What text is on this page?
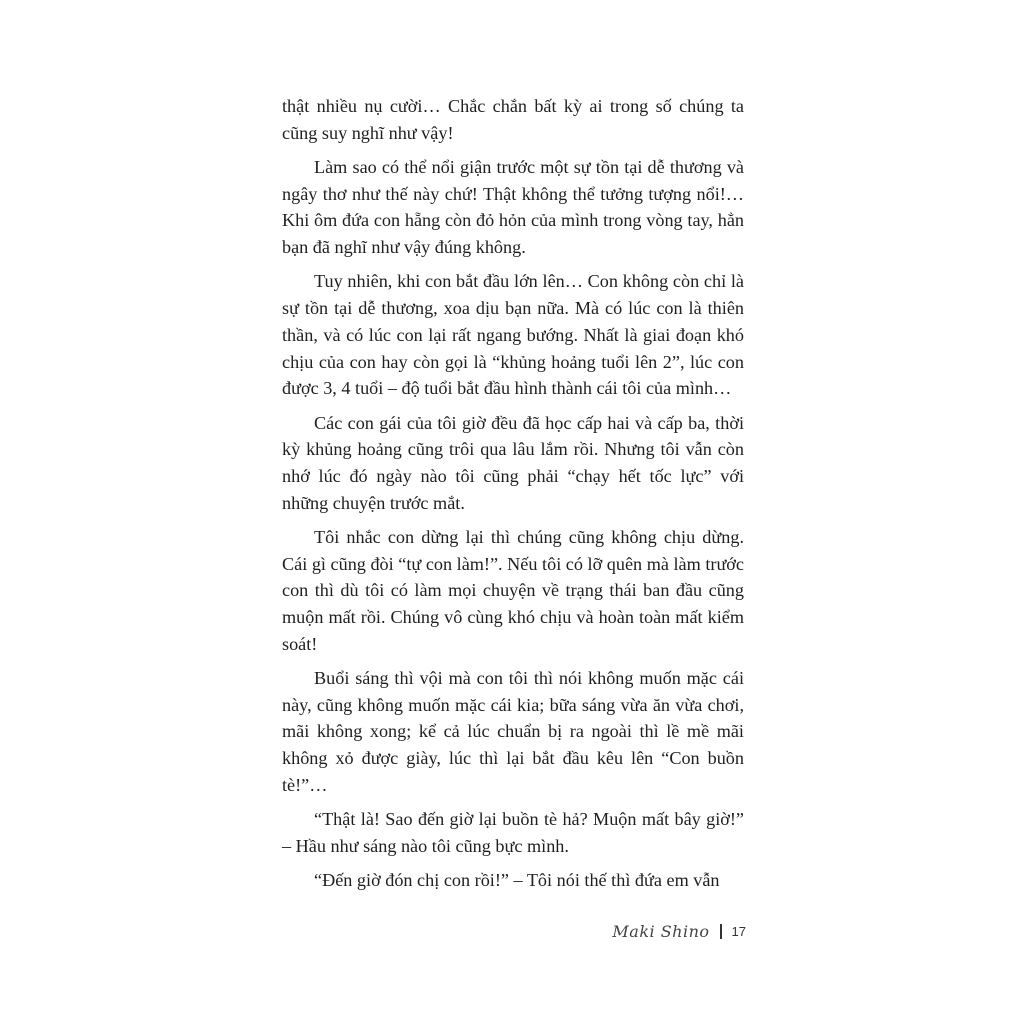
thật nhiều nụ cười… Chắc chắn bất kỳ ai trong số chúng ta cũng suy nghĩ như vậy!

Làm sao có thể nổi giận trước một sự tồn tại dễ thương và ngây thơ như thế này chứ! Thật không thể tưởng tượng nổi!… Khi ôm đứa con hẵng còn đỏ hỏn của mình trong vòng tay, hẳn bạn đã nghĩ như vậy đúng không.

Tuy nhiên, khi con bắt đầu lớn lên… Con không còn chỉ là sự tồn tại dễ thương, xoa dịu bạn nữa. Mà có lúc con là thiên thần, và có lúc con lại rất ngang bướng. Nhất là giai đoạn khó chịu của con hay còn gọi là “khủng hoảng tuổi lên 2”, lúc con được 3, 4 tuổi – độ tuổi bắt đầu hình thành cái tôi của mình…

Các con gái của tôi giờ đều đã học cấp hai và cấp ba, thời kỳ khủng hoảng cũng trôi qua lâu lắm rồi. Nhưng tôi vẫn còn nhớ lúc đó ngày nào tôi cũng phải “chạy hết tốc lực” với những chuyện trước mắt.

Tôi nhắc con dừng lại thì chúng cũng không chịu dừng. Cái gì cũng đòi “tự con làm!”. Nếu tôi có lỡ quên mà làm trước con thì dù tôi có làm mọi chuyện về trạng thái ban đầu cũng muộn mất rồi. Chúng vô cùng khó chịu và hoàn toàn mất kiểm soát!

Buổi sáng thì vội mà con tôi thì nói không muốn mặc cái này, cũng không muốn mặc cái kia; bữa sáng vừa ăn vừa chơi, mãi không xong; kể cả lúc chuẩn bị ra ngoài thì lề mề mãi không xỏ được giày, lúc thì lại bắt đầu kêu lên “Con buồn tè!”…

“Thật là! Sao đến giờ lại buồn tè hả? Muộn mất bây giờ!” – Hầu như sáng nào tôi cũng bực mình.

“Đến giờ đón chị con rồi!” – Tôi nói thế thì đứa em vẫn

Maki Shino 17
